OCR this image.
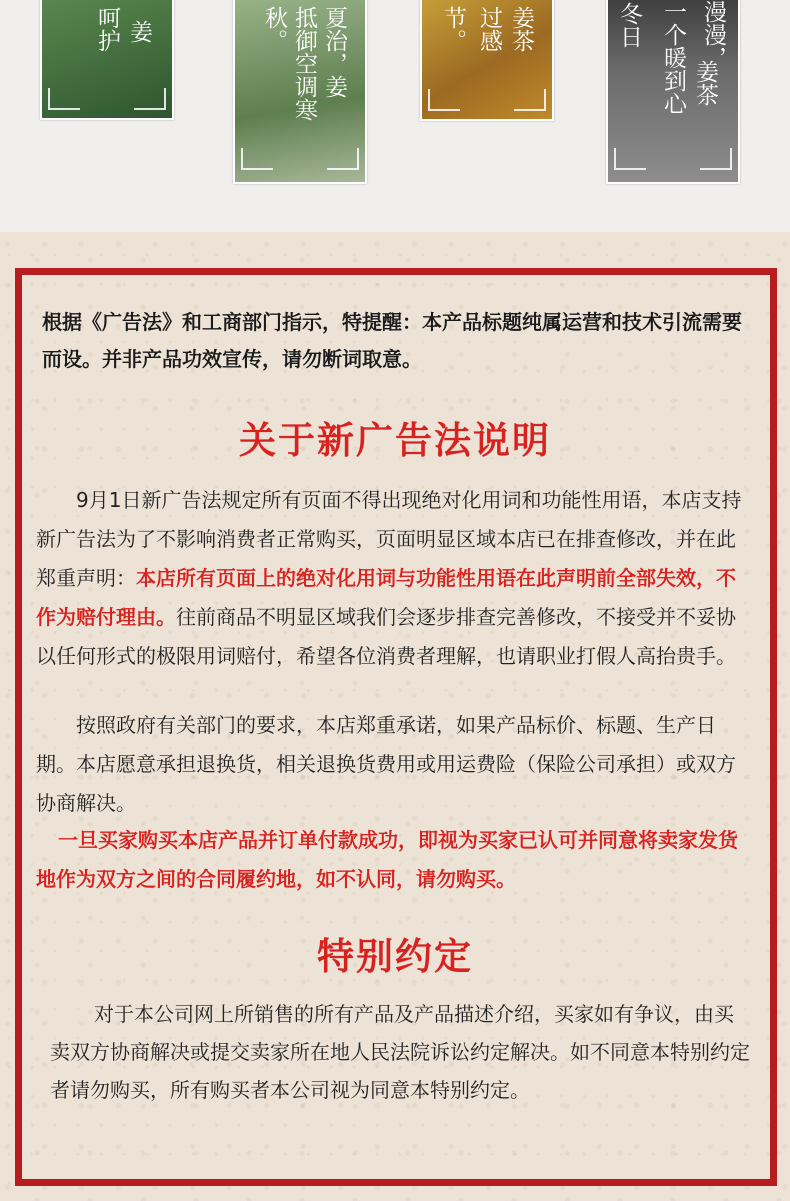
姜
呵护	夏治，姜
抵御空调寒
秋。	姜茶
过感
节。	冬日	漫漫，
一个暖到心 姜茶

根据《广告法》和工商部门指示，特提醒：本产品标题纯属运营和技术引流需要而设。并非产品功效宣传，请勿断词取意。

关于新广告法说明

9月1日新广告法规定所有页面不得出现绝对化用词和功能性用语，本店支持新广告法为了不影响消费者正常购买，页面明显区域本店已在排查修改，并在此郑重声明：本店所有页面上的绝对化用词与功能性用语在此声明前全部失效，不作为赔付理由。往前商品不明显区域我们会逐步排查完善修改，不接受并不妥协以任何形式的极限用词赔付，希望各位消费者理解，也请职业打假人高抬贵手。

按照政府有关部门的要求，本店郑重承诺，如果产品标价、标题、生产日期。本店愿意承担退换货，相关退换货费用或用运费险（保险公司承担）或双方协商解决。

一旦买家购买本店产品并订单付款成功，即视为买家已认可并同意将卖家发货地作为双方之间的合同履约地，如不认同，请勿购买。

特别约定

对于本公司网上所销售的所有产品及产品描述介绍，买家如有争议，由买卖双方协商解决或提交卖家所在地人民法院诉讼约定解决。如不同意本特别约定者请勿购买，所有购买者本公司视为同意本特别约定。
